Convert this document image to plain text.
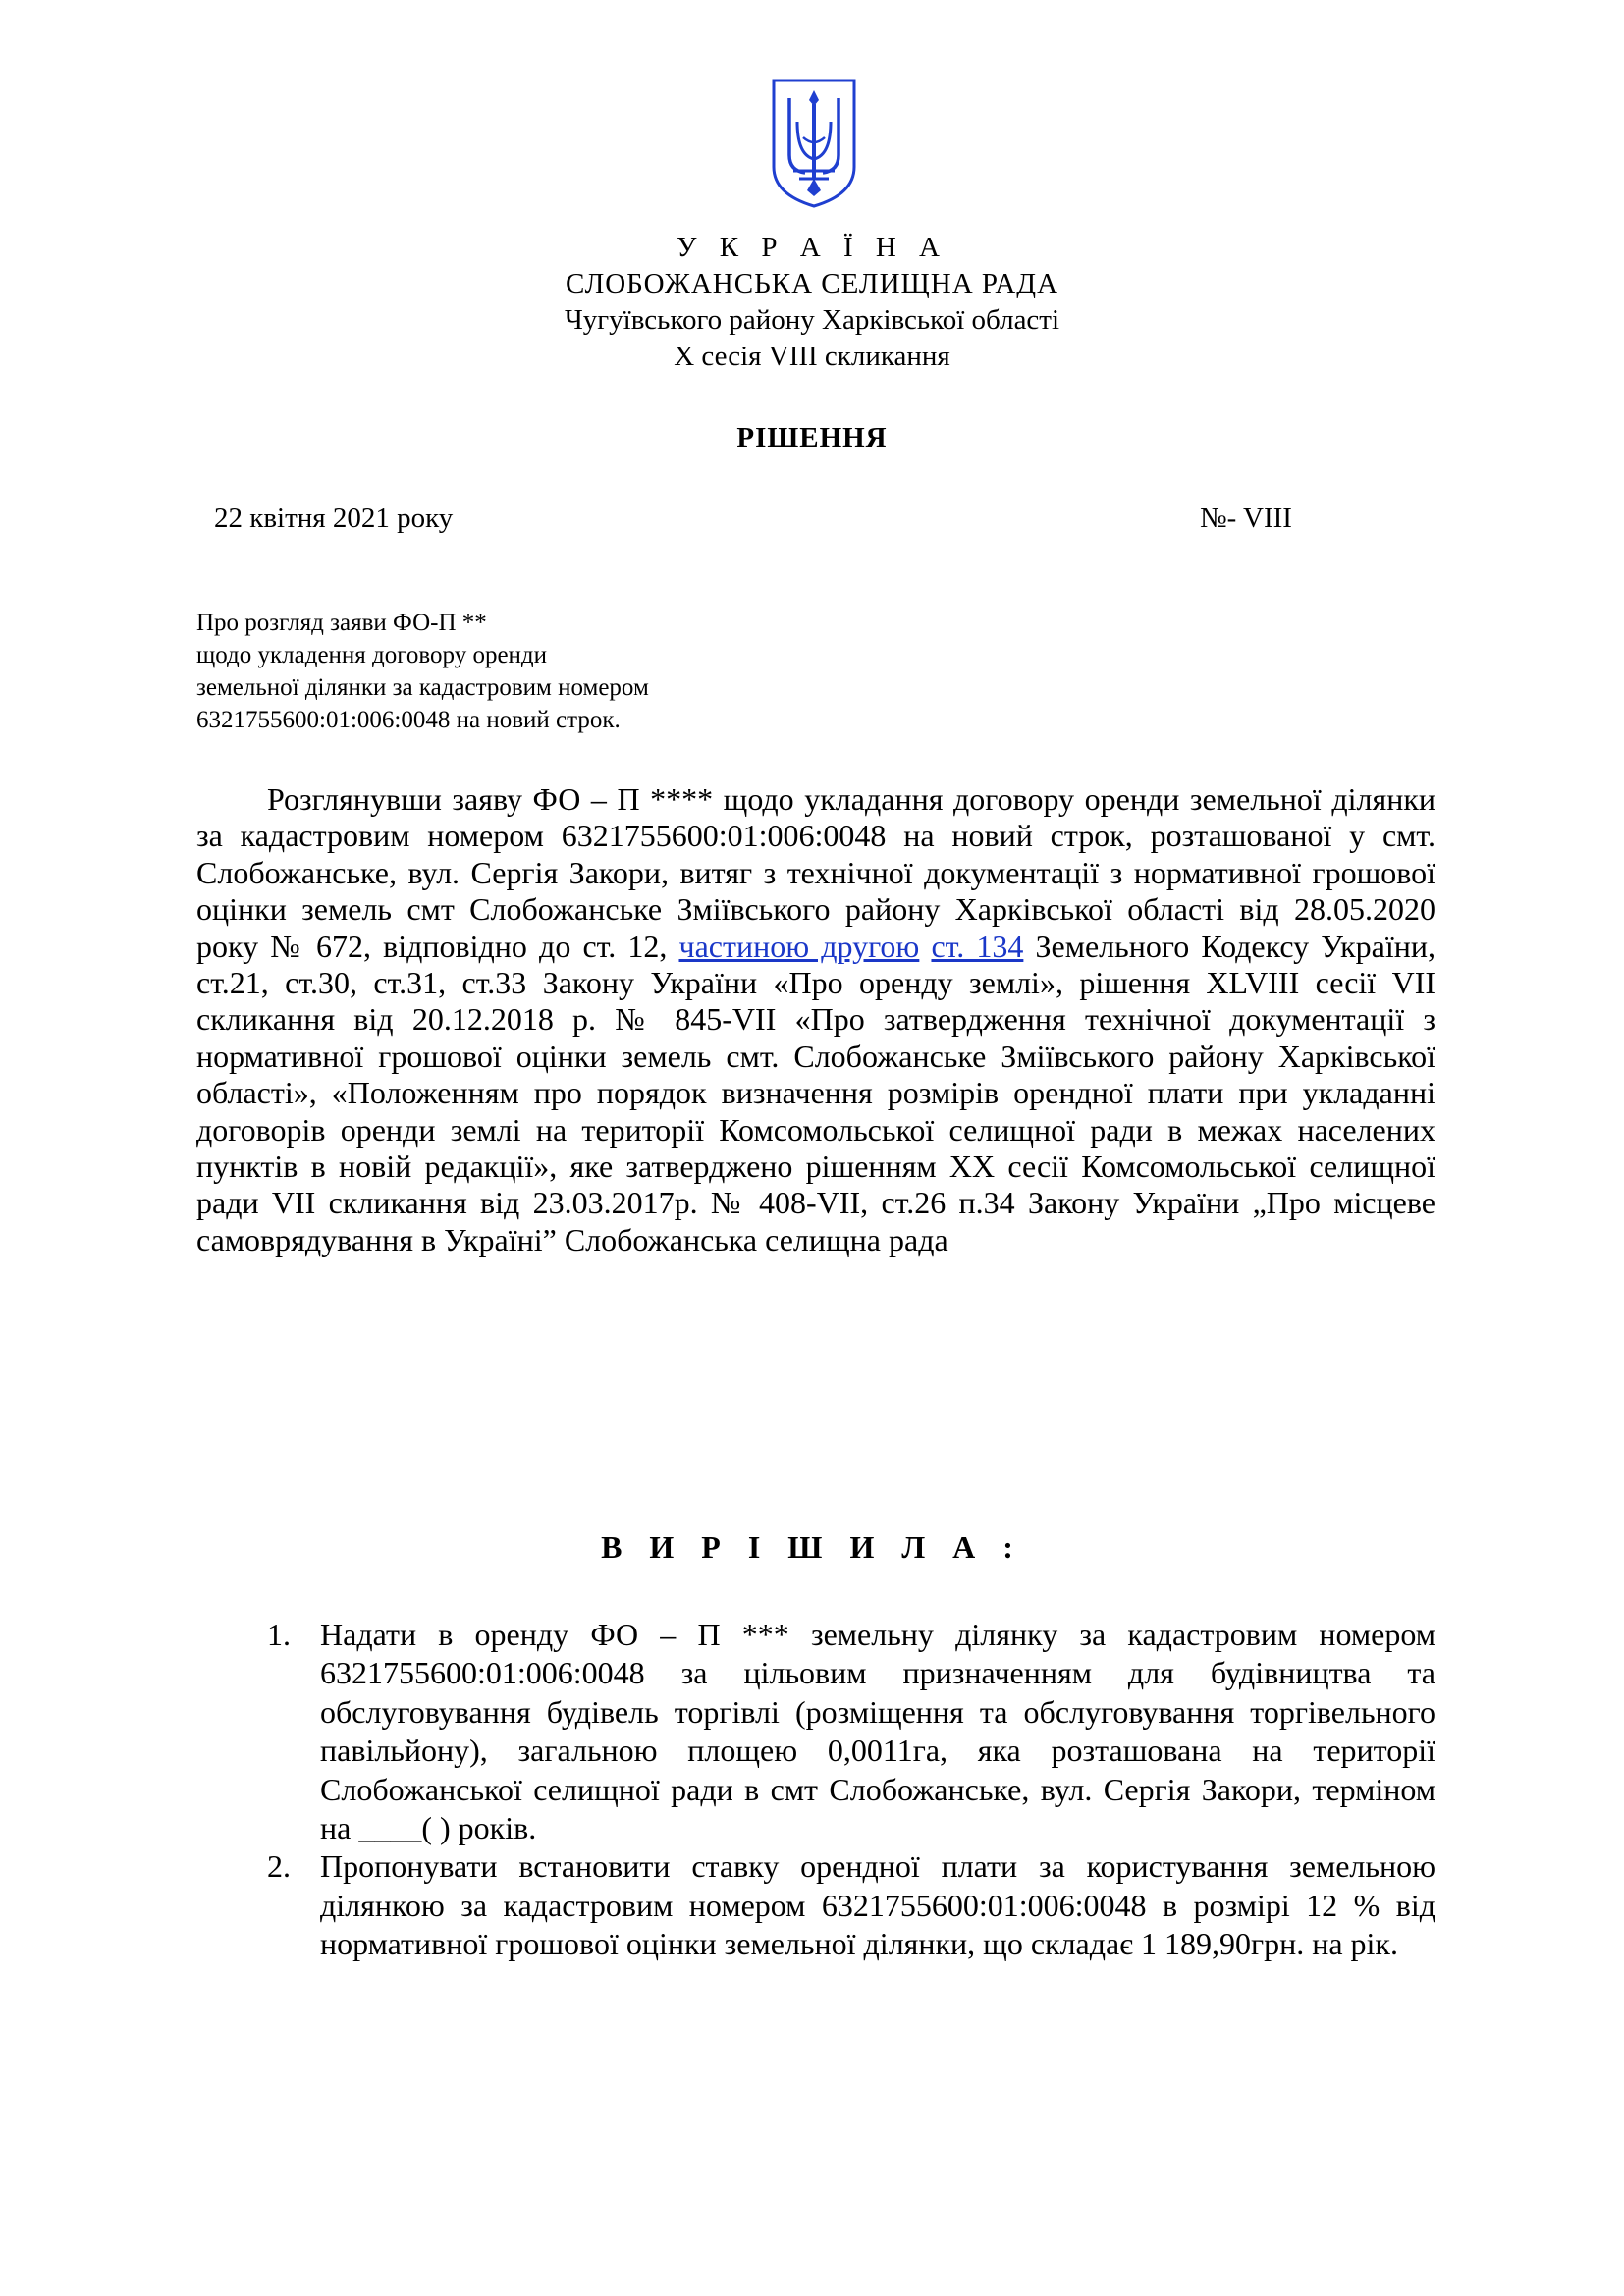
У К Р А Ї Н А
СЛОБОЖАНСЬКА СЕЛИЩНА РАДА
Чугуївського району Харківської області
X сесія VIII скликання
РІШЕННЯ
22 квітня 2021 року	№- VIII
Про розгляд заяви ФО-П **
щодо укладення договору оренди
земельної ділянки за кадастровим номером
6321755600:01:006:0048 на новий строк.

Розглянувши заяву ФО – П **** щодо укладання договору оренди земельної ділянки за кадастровим номером 6321755600:01:006:0048 на новий строк, розташованої у смт. Слобожанське, вул. Сергія Закори, витяг з технічної документації з нормативної грошової оцінки земель смт Слобожанське Зміївського району Харківської області від 28.05.2020 року № 672, відповідно до ст. 12, частиною другою ст. 134 Земельного Кодексу України, ст.21, ст.30, ст.31, ст.33 Закону України «Про оренду землі», рішення XLVIII сесії VII скликання від 20.12.2018 р. № 845-VII «Про затвердження технічної документації з нормативної грошової оцінки земель смт. Слобожанське Зміївського району Харківської області», «Положенням про порядок визначення розмірів орендної плати при укладанні договорів оренди землі на території Комсомольської селищної ради в межах населених пунктів в новій редакції», яке затверджено рішенням XX сесії Комсомольської селищної ради VII скликання від 23.03.2017р. № 408-VII, ст.26 п.34 Закону України „Про місцеве самоврядування в Україні” Слобожанська селищна рада

В И Р І Ш И Л А :
1. Надати в оренду ФО – П *** земельну ділянку за кадастровим номером 6321755600:01:006:0048 за цільовим призначенням для будівництва та обслуговування будівель торгівлі (розміщення та обслуговування торгівельного павільйону), загальною площею 0,0011га, яка розташована на території Слобожанської селищної ради в смт Слобожанське, вул. Сергія Закори, терміном на ____( ) років.
2. Пропонувати встановити ставку орендної плати за користування земельною ділянкою за кадастровим номером 6321755600:01:006:0048 в розмірі 12 % від нормативної грошової оцінки земельної ділянки, що складає 1 189,90грн. на рік.
